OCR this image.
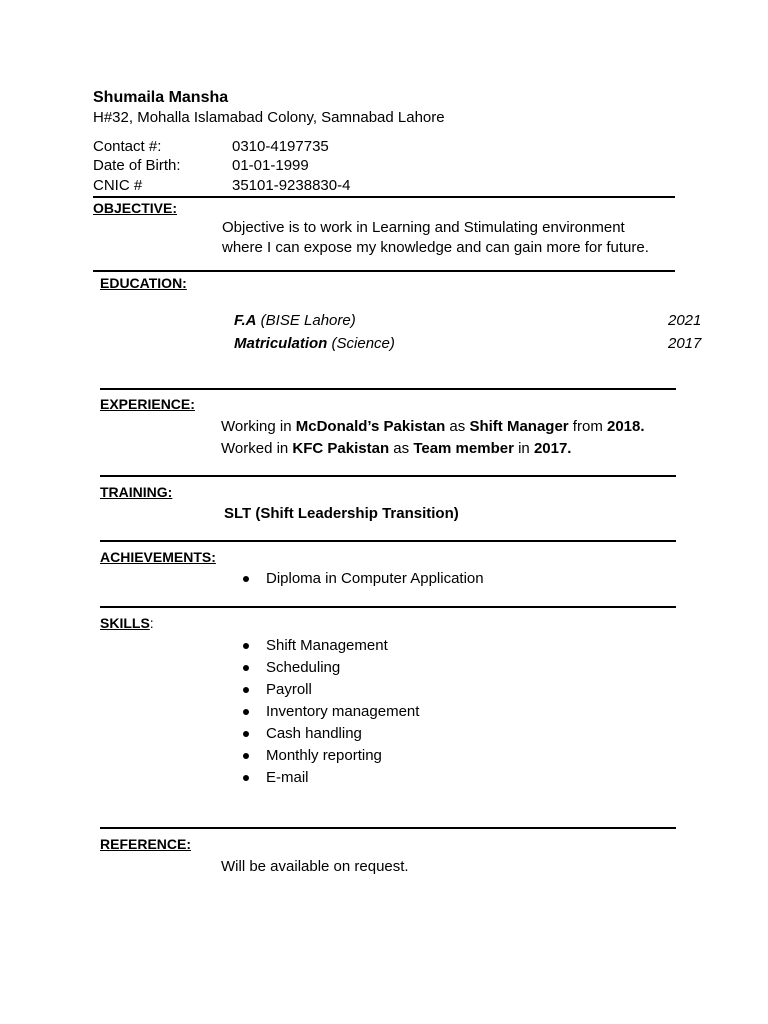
Shumaila Mansha
H#32, Mohalla Islamabad Colony, Samnabad Lahore
Contact #:	0310-4197735
Date of Birth:	01-01-1999
CNIC #	35101-9238830-4
OBJECTIVE:
Objective is to work in Learning and Stimulating environment
where I can expose my knowledge and can gain more for future.
EDUCATION:
F.A (BISE Lahore)	2021
Matriculation (Science)	2017
EXPERIENCE:
Working in McDonald’s Pakistan as Shift Manager from 2018.
Worked in KFC Pakistan as Team member in 2017.
TRAINING:
SLT (Shift Leadership Transition)
ACHIEVEMENTS:
Diploma in Computer Application
SKILLS:
Shift Management
Scheduling
Payroll
Inventory management
Cash handling
Monthly reporting
E-mail
REFERENCE:
Will be available on request.
